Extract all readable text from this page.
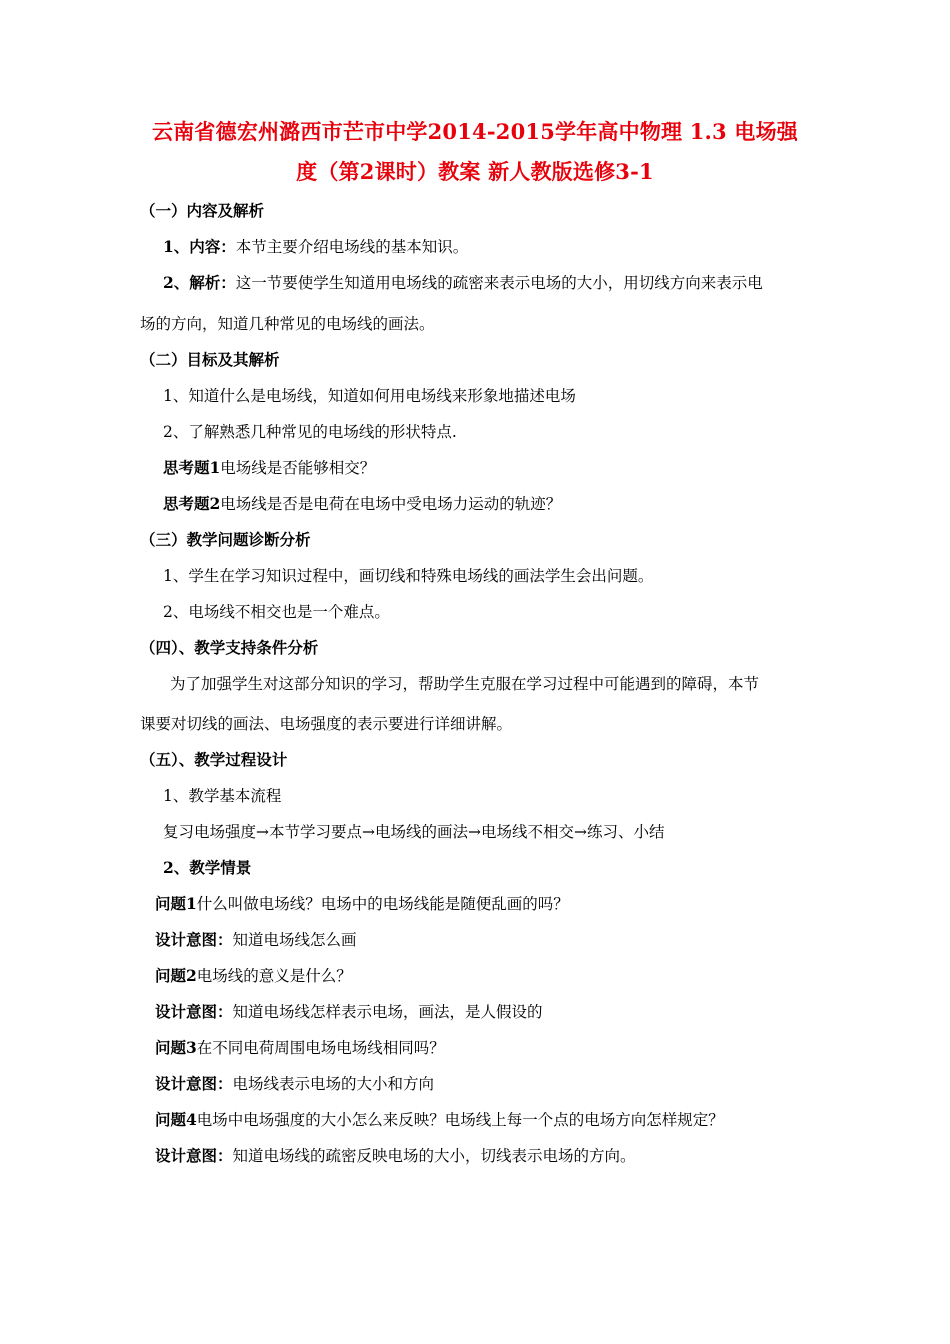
云南省德宏州潞西市芒市中学2014-2015学年高中物理 1.3 电场强
度（第2课时）教案 新人教版选修3-1
（一）内容及解析
1、内容：本节主要介绍电场线的基本知识。
2、解析：这一节要使学生知道用电场线的疏密来表示电场的大小，用切线方向来表示电
场的方向，知道几种常见的电场线的画法。
（二）目标及其解析
1、知道什么是电场线，知道如何用电场线来形象地描述电场
2、了解熟悉几种常见的电场线的形状特点.
思考题1电场线是否能够相交？
思考题2电场线是否是电荷在电场中受电场力运动的轨迹？
（三）教学问题诊断分析
1、学生在学习知识过程中，画切线和特殊电场线的画法学生会出问题。
2、电场线不相交也是一个难点。
（四）、教学支持条件分析
为了加强学生对这部分知识的学习，帮助学生克服在学习过程中可能遇到的障碍，本节
课要对切线的画法、电场强度的表示要进行详细讲解。
（五）、教学过程设计
1、教学基本流程
复习电场强度→本节学习要点→电场线的画法→电场线不相交→练习、小结
2、教学情景
问题1什么叫做电场线？电场中的电场线能是随便乱画的吗？
设计意图：知道电场线怎么画
问题2电场线的意义是什么？
设计意图：知道电场线怎样表示电场，画法，是人假设的
问题3在不同电荷周围电场电场线相同吗？
设计意图：电场线表示电场的大小和方向
问题4电场中电场强度的大小怎么来反映？电场线上每一个点的电场方向怎样规定？
设计意图：知道电场线的疏密反映电场的大小，切线表示电场的方向。
